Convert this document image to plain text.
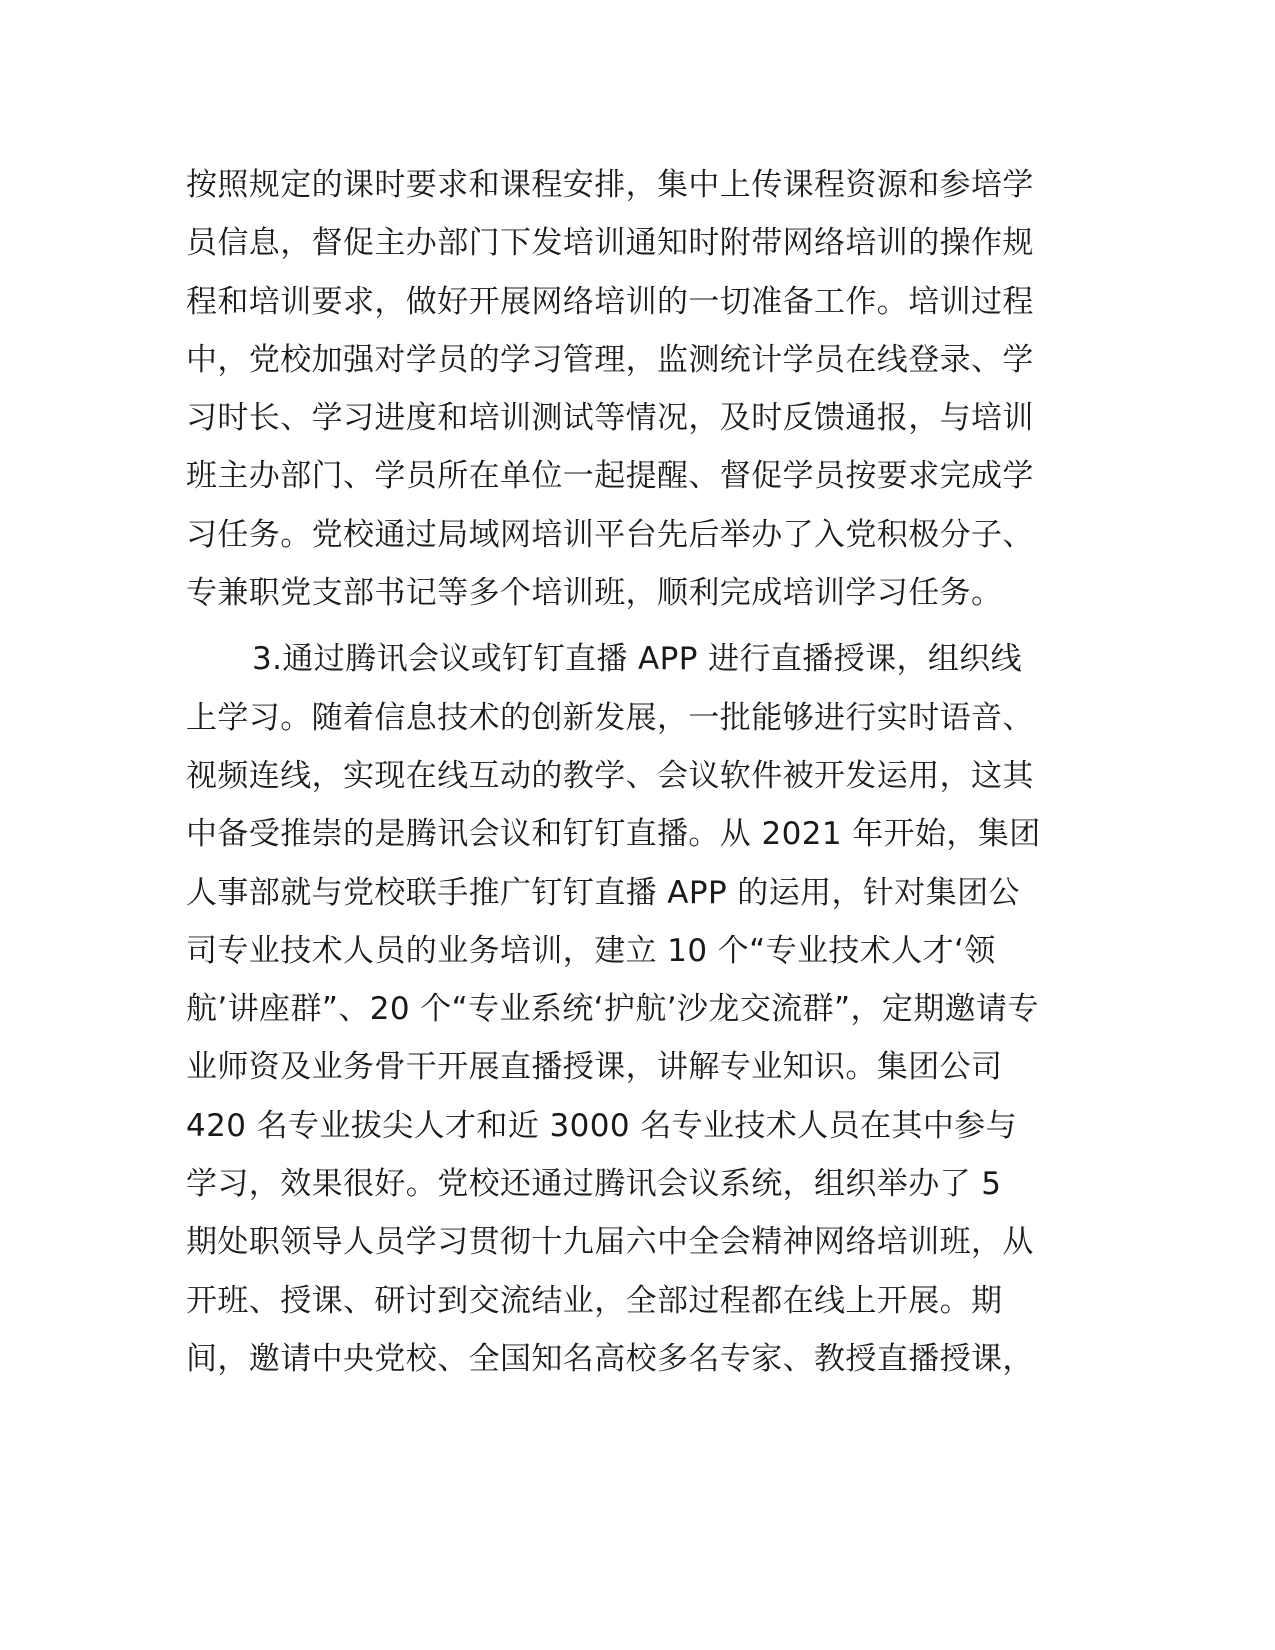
按照规定的课时要求和课程安排，集中上传课程资源和参培学
员信息，督促主办部门下发培训通知时附带网络培训的操作规
程和培训要求，做好开展网络培训的一切准备工作。培训过程
中，党校加强对学员的学习管理，监测统计学员在线登录、学
习时长、学习进度和培训测试等情况，及时反馈通报，与培训
班主办部门、学员所在单位一起提醒、督促学员按要求完成学
习任务。党校通过局域网培训平台先后举办了入党积极分子、
专兼职党支部书记等多个培训班，顺利完成培训学习任务。
3.通过腾讯会议或钉钉直播 APP 进行直播授课，组织线
上学习。随着信息技术的创新发展，一批能够进行实时语音、
视频连线，实现在线互动的教学、会议软件被开发运用，这其
中备受推崇的是腾讯会议和钉钉直播。从 2021 年开始，集团
人事部就与党校联手推广钉钉直播 APP 的运用，针对集团公
司专业技术人员的业务培训，建立 10 个“专业技术人才‘领
航’讲座群”、20 个“专业系统‘护航’沙龙交流群”，定期邀请专
业师资及业务骨干开展直播授课，讲解专业知识。集团公司
420 名专业拔尖人才和近 3000 名专业技术人员在其中参与
学习，效果很好。党校还通过腾讯会议系统，组织举办了 5
期处职领导人员学习贯彻十九届六中全会精神网络培训班，从
开班、授课、研讨到交流结业，全部过程都在线上开展。期
间，邀请中央党校、全国知名高校多名专家、教授直播授课，
